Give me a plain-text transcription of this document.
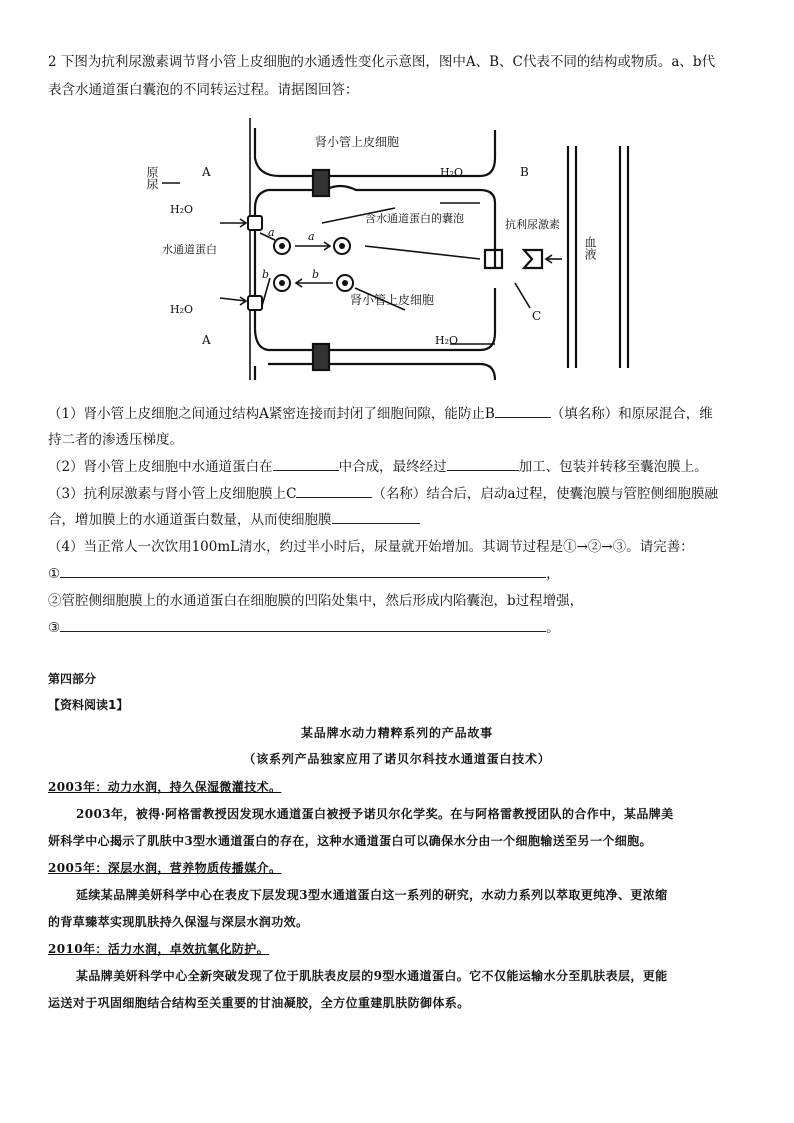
2 下图为抗利尿激素调节肾小管上皮细胞的水通透性变化示意图，图中A、B、C代表不同的结构或物质。a、b代
表含水通道蛋白囊泡的不同转运过程。请据图回答：
肾小管上皮细胞
肾小管上皮细胞
原尿	A
A
B
C
H₂O
H₂O
H₂O
H₂O
水通道蛋白
含水通道蛋白的囊泡	抗利尿激素
血液
a	a
b	b
（1）肾小管上皮细胞之间通过结构A紧密连接而封闭了细胞间隙，能防止B	（填名称）和原尿混合，维
持二者的渗透压梯度。
（2）肾小管上皮细胞中水通道蛋白在	中合成，最终经过	加工、包装并转移至囊泡膜上。
（3）抗利尿激素与肾小管上皮细胞膜上C	（名称）结合后，启动a过程，使囊泡膜与管腔侧细胞膜融
合，增加膜上的水通道蛋白数量，从而使细胞膜
（4）当正常人一次饮用100mL清水，约过半小时后，尿量就开始增加。其调节过程是①→②→③。请完善：
①	，
②管腔侧细胞膜上的水通道蛋白在细胞膜的凹陷处集中，然后形成内陷囊泡，b过程增强，
③	。
第四部分
【资料阅读1】
某品牌水动力精粹系列的产品故事
（该系列产品独家应用了诺贝尔科技水通道蛋白技术）
2003年：动力水润，持久保湿微灌技术。
2003年，被得·阿格雷教授因发现水通道蛋白被授予诺贝尔化学奖。在与阿格雷教授团队的合作中，某品牌美
妍科学中心揭示了肌肤中3型水通道蛋白的存在，这种水通道蛋白可以确保水分由一个细胞输送至另一个细胞。
2005年：深层水润，营养物质传播媒介。
延续某品牌美妍科学中心在表皮下层发现3型水通道蛋白这一系列的研究，水动力系列以萃取更纯净、更浓缩
的背草臻萃实现肌肤持久保湿与深层水润功效。
2010年：活力水润，卓效抗氧化防护。
某品牌美妍科学中心全新突破发现了位于肌肤表皮层的9型水通道蛋白。它不仅能运输水分至肌肤表层，更能
运送对于巩固细胞结合结构至关重要的甘油凝胶，全方位重建肌肤防御体系。
